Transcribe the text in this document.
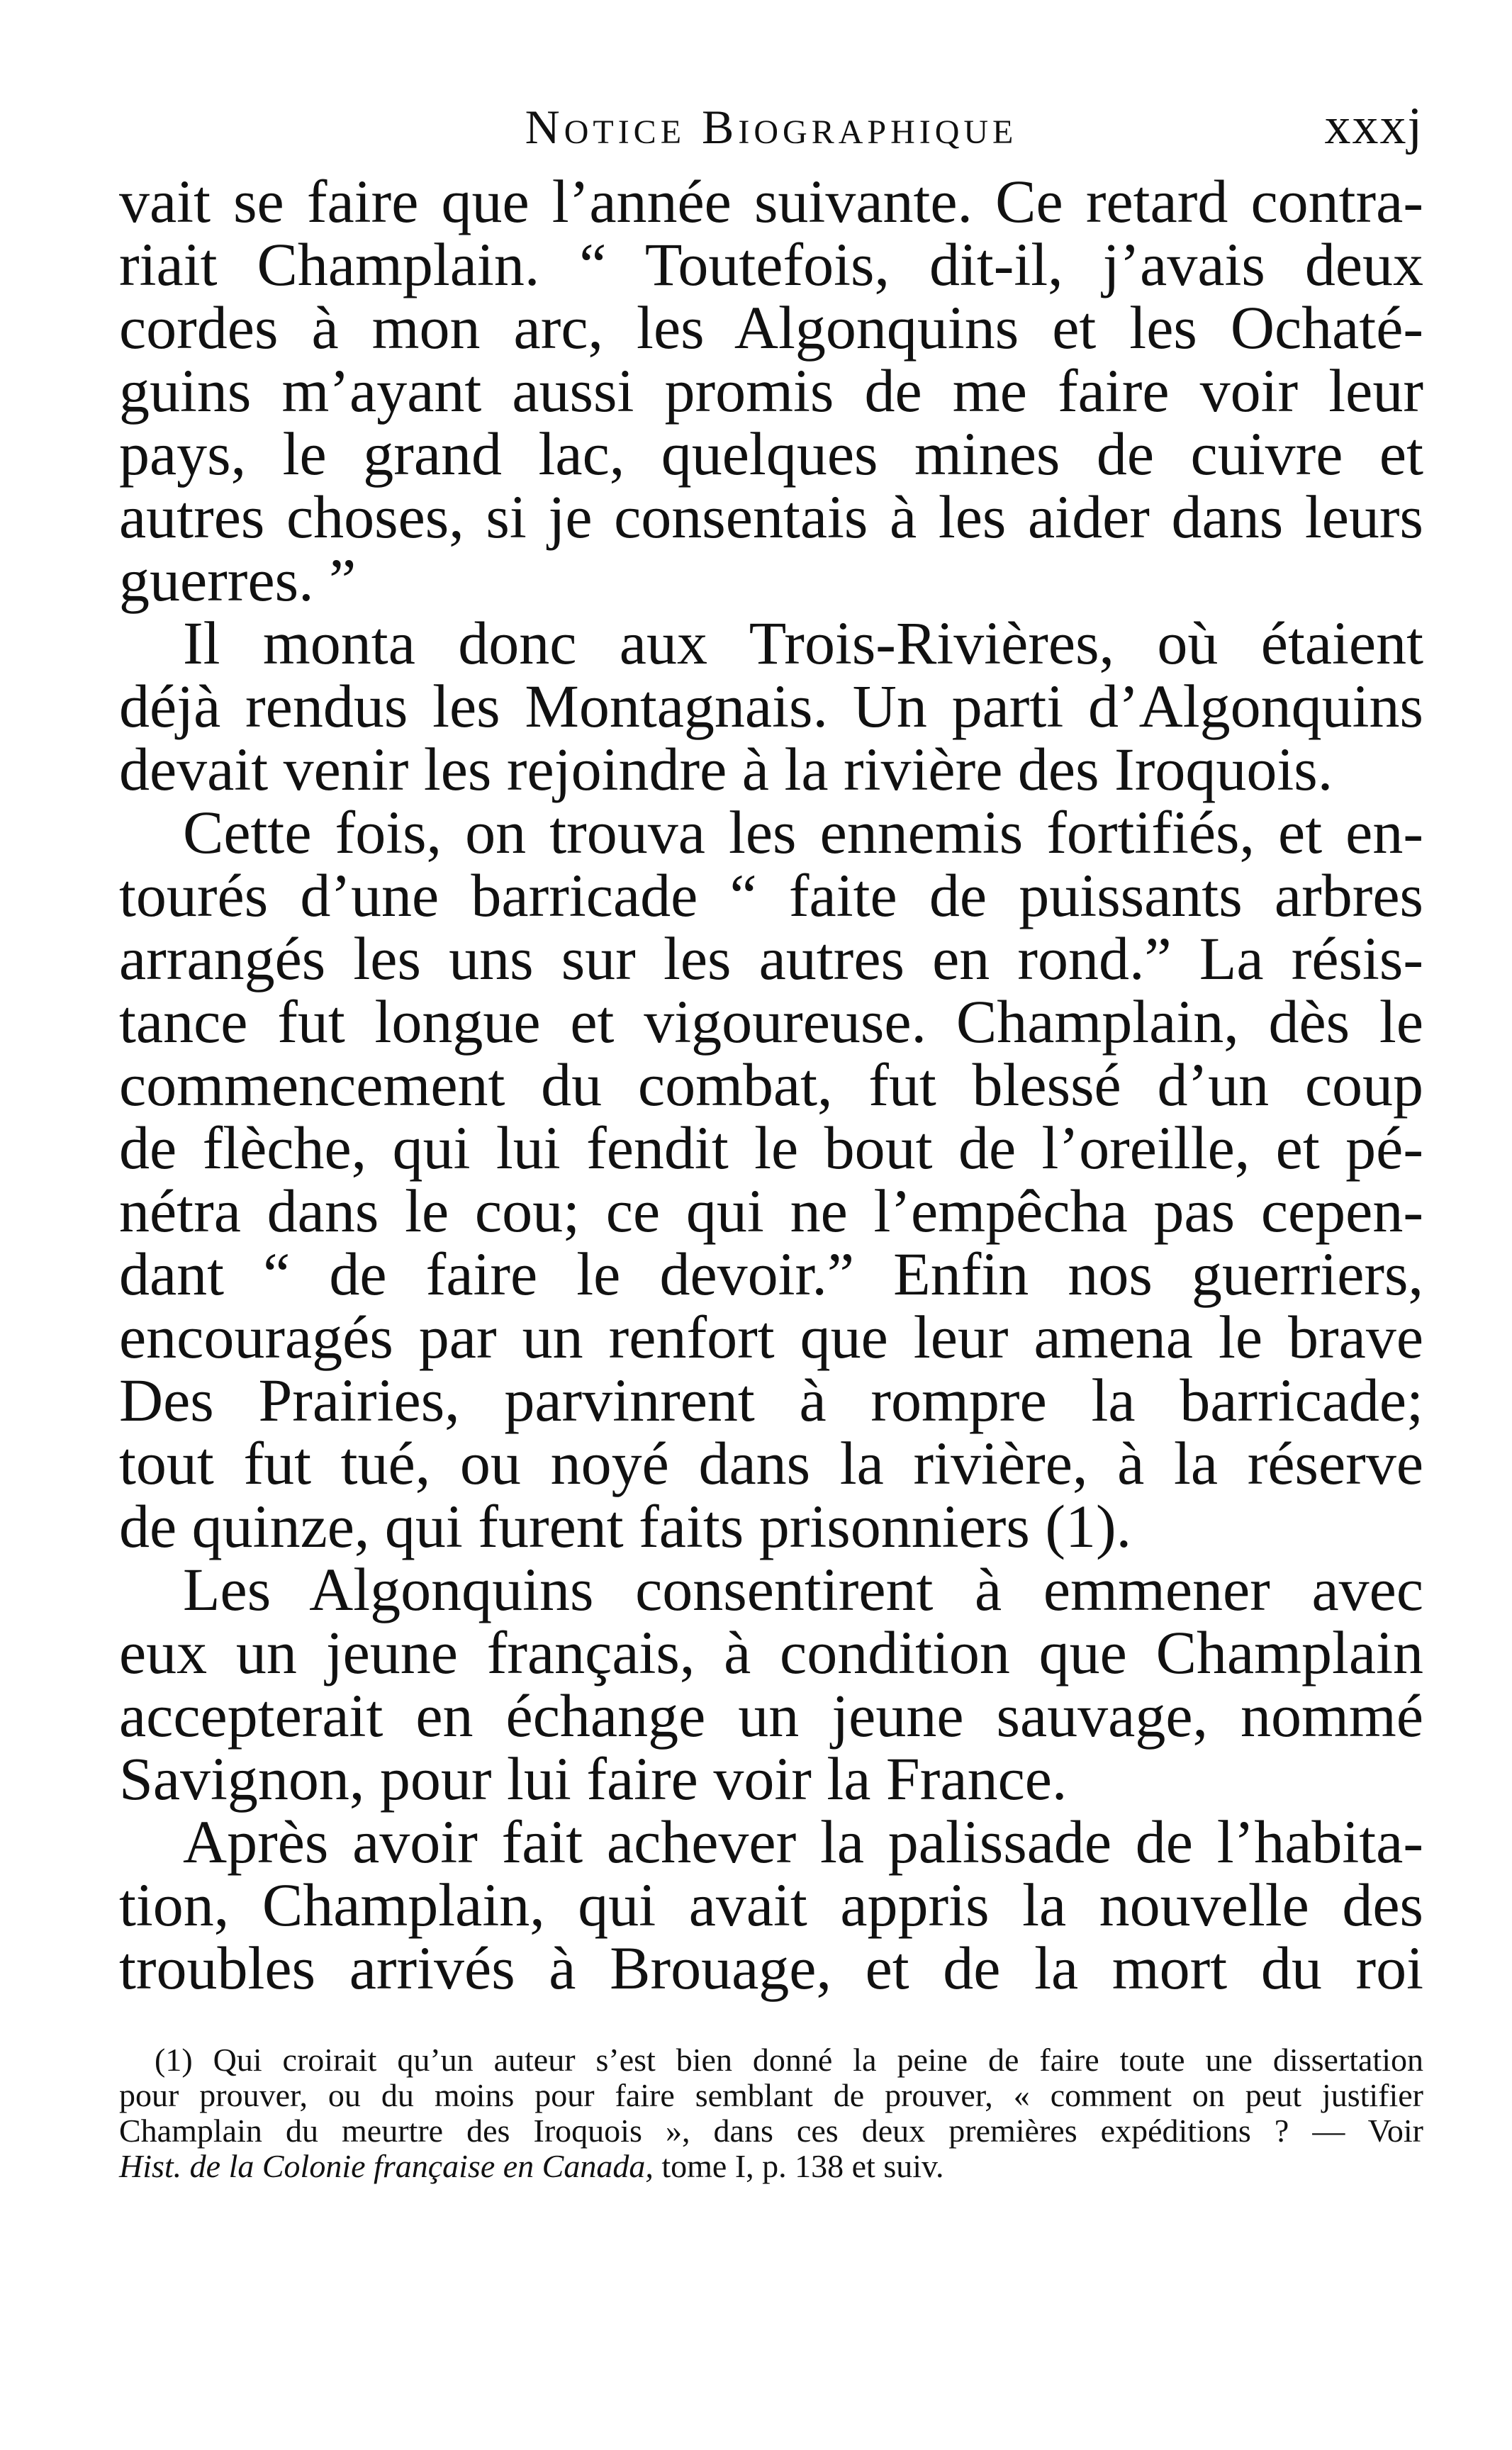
Notice Biographique	xxxj
vait se faire que l’année suivante. Ce retard contra-
riait Champlain. “ Toutefois, dit-il, j’avais deux
cordes à mon arc, les Algonquins et les Ochaté-
guins m’ayant aussi promis de me faire voir leur
pays, le grand lac, quelques mines de cuivre et
autres choses, si je consentais à les aider dans leurs
guerres. ”
Il monta donc aux Trois-Rivières, où étaient
déjà rendus les Montagnais. Un parti d’Algonquins
devait venir les rejoindre à la rivière des Iroquois.
Cette fois, on trouva les ennemis fortifiés, et en-
tourés d’une barricade “ faite de puissants arbres
arrangés les uns sur les autres en rond.” La résis-
tance fut longue et vigoureuse. Champlain, dès le
commencement du combat, fut blessé d’un coup
de flèche, qui lui fendit le bout de l’oreille, et pé-
nétra dans le cou; ce qui ne l’empêcha pas cepen-
dant “ de faire le devoir.” Enfin nos guerriers,
encouragés par un renfort que leur amena le brave
Des Prairies, parvinrent à rompre la barricade;
tout fut tué, ou noyé dans la rivière, à la réserve
de quinze, qui furent faits prisonniers (1).
Les Algonquins consentirent à emmener avec
eux un jeune français, à condition que Champlain
accepterait en échange un jeune sauvage, nommé
Savignon, pour lui faire voir la France.
Après avoir fait achever la palissade de l’habita-
tion, Champlain, qui avait appris la nouvelle des
troubles arrivés à Brouage, et de la mort du roi
(1) Qui croirait qu’un auteur s’est bien donné la peine de faire toute une dissertation
pour prouver, ou du moins pour faire semblant de prouver, « comment on peut justifier
Champlain du meurtre des Iroquois », dans ces deux premières expéditions ? — Voir
Hist. de la Colonie française en Canada, tome I, p. 138 et suiv.
